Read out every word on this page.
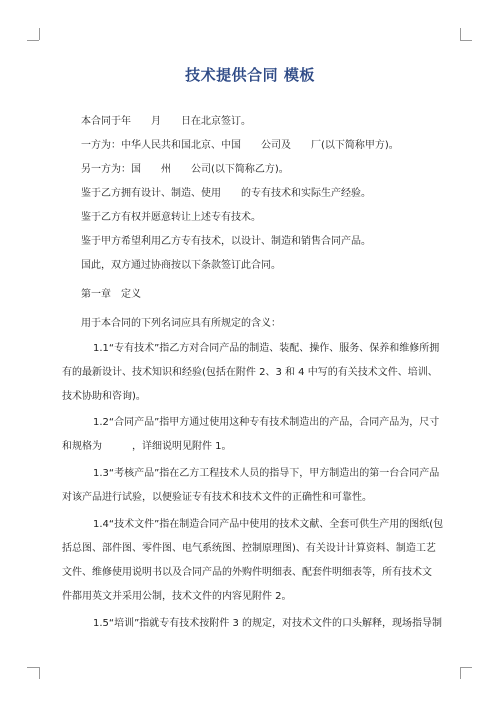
技术提供合同 模板
本合同于年　　月　　日在北京签订。
一方为：中华人民共和国北京、中国　　公司及　　厂(以下简称甲方)。
另一方为：国　　州　　公司(以下简称乙方)。
鉴于乙方拥有设计、制造、使用　　的专有技术和实际生产经验。
鉴于乙方有权并愿意转让上述专有技术。
鉴于甲方希望利用乙方专有技术，以设计、制造和销售合同产品。
国此，双方通过协商按以下条款签订此合同。
第一章　定义
用于本合同的下列名词应具有所规定的含义：
1.1“专有技术”指乙方对合同产品的制造、装配、操作、服务、保养和维修所拥
有的最新设计、技术知识和经验(包括在附件 2、3 和 4 中写的有关技术文件、培训、
技术协助和咨询)。
1.2“合同产品”指甲方通过使用这种专有技术制造出的产品，合同产品为，尺寸
和规格为　　　，详细说明见附件 1。
1.3“考核产品”指在乙方工程技术人员的指导下，甲方制造出的第一台合同产品
对该产品进行试验，以便验证专有技术和技术文件的正确性和可靠性。
1.4“技术文件”指在制造合同产品中使用的技术文献、全套可供生产用的图纸(包
括总图、部件图、零件图、电气系统图、控制原理图)、有关设计计算资料、制造工艺
文件、维修使用说明书以及合同产品的外购件明细表、配套件明细表等，所有技术文
件都用英文并采用公制，技术文件的内容见附件 2。
1.5“培训”指就专有技术按附件 3 的规定，对技术文件的口头解释，现场指导制
